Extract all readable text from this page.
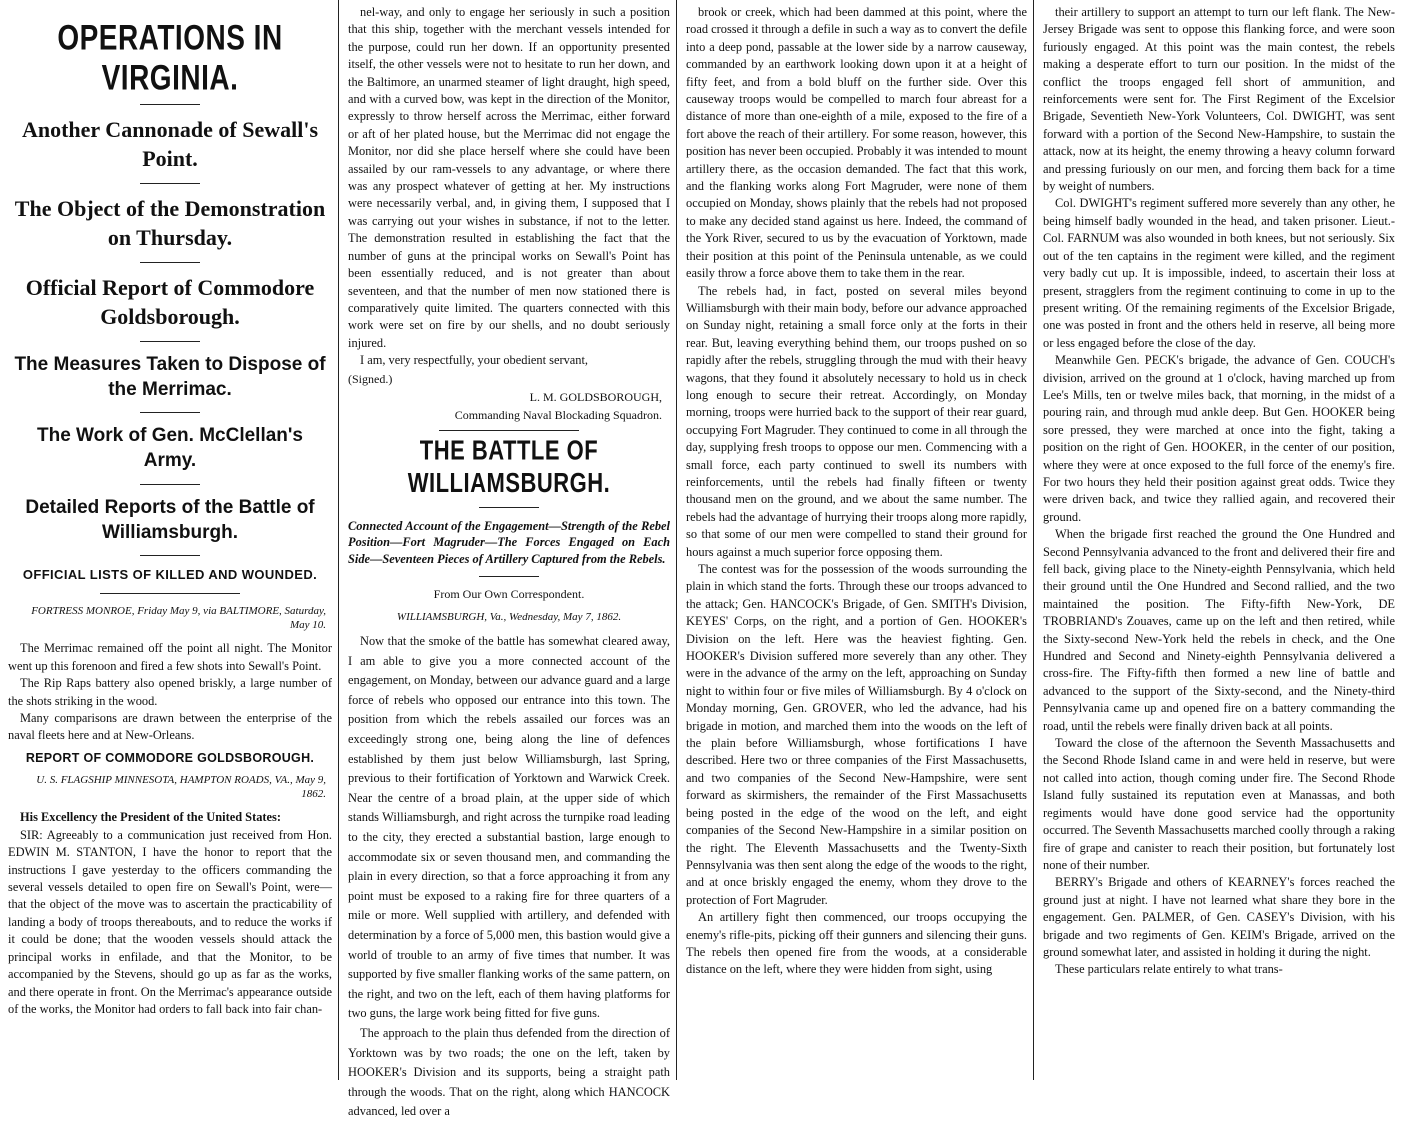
OPERATIONS IN VIRGINIA.
Another Cannonade of Sewall's Point.
The Object of the Demonstration on Thursday.
Official Report of Commodore Goldsborough.
The Measures Taken to Dispose of the Merrimac.
The Work of Gen. McClellan's Army.
Detailed Reports of the Battle of Williamsburgh.
OFFICIAL LISTS OF KILLED AND WOUNDED.
FORTRESS MONROE, Friday May 9, via BALTIMORE, Saturday, May 10.

The Merrimac remained off the point all night. The Monitor went up this forenoon and fired a few shots into Sewall's Point.

The Rip Raps battery also opened briskly, a large number of the shots striking in the wood.

Many comparisons are drawn between the enterprise of the naval fleets here and at New-Orleans.

REPORT OF COMMODORE GOLDSBOROUGH.
U. S. FLAGSHIP MINNESOTA, HAMPTON ROADS, VA., May 9, 1862.

His Excellency the President of the United States:

SIR: Agreeably to a communication just received from Hon. EDWIN M. STANTON, I have the honor to report that the instructions I gave yesterday to the officers commanding the several vessels detailed to open fire on Sewall's Point, were—that the object of the move was to ascertain the practicability of landing a body of troops thereabouts, and to reduce the works if it could be done; that the wooden vessels should attack the principal works in enfilade, and that the Monitor, to be accompanied by the Stevens, should go up as far as the works, and there operate in front. On the Merrimac's appearance outside of the works, the Monitor had orders to fall back into fair chan-

nel-way, and only to engage her seriously in such a position that this ship, together with the merchant vessels intended for the purpose, could run her down. If an opportunity presented itself, the other vessels were not to hesitate to run her down, and the Baltimore, an unarmed steamer of light draught, high speed, and with a curved bow, was kept in the direction of the Monitor, expressly to throw herself across the Merrimac, either forward or aft of her plated house, but the Merrimac did not engage the Monitor, nor did she place herself where she could have been assailed by our ram-vessels to any advantage, or where there was any prospect whatever of getting at her. My instructions were necessarily verbal, and, in giving them, I supposed that I was carrying out your wishes in substance, if not to the letter. The demonstration resulted in establishing the fact that the number of guns at the principal works on Sewall's Point has been essentially reduced, and is not greater than about seventeen, and that the number of men now stationed there is comparatively quite limited. The quarters connected with this work were set on fire by our shells, and no doubt seriously injured.

I am, very respectfully, your obedient servant,

(Signed.)
L. M. GOLDSBOROUGH,
Commanding Naval Blockading Squadron.
THE BATTLE OF WILLIAMSBURGH.
Connected Account of the Engagement—Strength of the Rebel Position—Fort Magruder—The Forces Engaged on Each Side—Seventeen Pieces of Artillery Captured from the Rebels.
From Our Own Correspondent.
WILLIAMSBURGH, Va., Wednesday, May 7, 1862.

Now that the smoke of the battle has somewhat cleared away, I am able to give you a more connected account of the engagement, on Monday, between our advance guard and a large force of rebels who opposed our entrance into this town. The position from which the rebels assailed our forces was an exceedingly strong one, being along the line of defences established by them just below Williamsburgh, last Spring, previous to their fortification of Yorktown and Warwick Creek. Near the centre of a broad plain, at the upper side of which stands Williamsburgh, and right across the turnpike road leading to the city, they erected a substantial bastion, large enough to accommodate six or seven thousand men, and commanding the plain in every direction, so that a force approaching it from any point must be exposed to a raking fire for three quarters of a mile or more. Well supplied with artillery, and defended with determination by a force of 5,000 men, this bastion would give a world of trouble to an army of five times that number. It was supported by five smaller flanking works of the same pattern, on the right, and two on the left, each of them having platforms for two guns, the large work being fitted for five guns.

The approach to the plain thus defended from the direction of Yorktown was by two roads; the one on the left, taken by HOOKER's Division and its supports, being a straight path through the woods. That on the right, along which HANCOCK advanced, led over a

brook or creek, which had been dammed at this point, where the road crossed it through a defile in such a way as to convert the defile into a deep pond, passable at the lower side by a narrow causeway, commanded by an earthwork looking down upon it at a height of fifty feet, and from a bold bluff on the further side. Over this causeway troops would be compelled to march four abreast for a distance of more than one-eighth of a mile, exposed to the fire of a fort above the reach of their artillery. For some reason, however, this position has never been occupied. Probably it was intended to mount artillery there, as the occasion demanded. The fact that this work, and the flanking works along Fort Magruder, were none of them occupied on Monday, shows plainly that the rebels had not proposed to make any decided stand against us here. Indeed, the command of the York River, secured to us by the evacuation of Yorktown, made their position at this point of the Peninsula untenable, as we could easily throw a force above them to take them in the rear.

The rebels had, in fact, posted on several miles beyond Williamsburgh with their main body, before our advance approached on Sunday night, retaining a small force only at the forts in their rear. But, leaving everything behind them, our troops pushed on so rapidly after the rebels, struggling through the mud with their heavy wagons, that they found it absolutely necessary to hold us in check long enough to secure their retreat. Accordingly, on Monday morning, troops were hurried back to the support of their rear guard, occupying Fort Magruder. They continued to come in all through the day, supplying fresh troops to oppose our men. Commencing with a small force, each party continued to swell its numbers with reinforcements, until the rebels had finally fifteen or twenty thousand men on the ground, and we about the same number. The rebels had the advantage of hurrying their troops along more rapidly, so that some of our men were compelled to stand their ground for hours against a much superior force opposing them.

The contest was for the possession of the woods surrounding the plain in which stand the forts. Through these our troops advanced to the attack; Gen. HANCOCK's Brigade, of Gen. SMITH's Division, KEYES' Corps, on the right, and a portion of Gen. HOOKER's Division on the left. Here was the heaviest fighting. Gen. HOOKER's Division suffered more severely than any other. They were in the advance of the army on the left, approaching on Sunday night to within four or five miles of Williamsburgh. By 4 o'clock on Monday morning, Gen. GROVER, who led the advance, had his brigade in motion, and marched them into the woods on the left of the plain before Williamsburgh, whose fortifications I have described. Here two or three companies of the First Massachusetts, and two companies of the Second New-Hampshire, were sent forward as skirmishers, the remainder of the First Massachusetts being posted in the edge of the wood on the left, and eight companies of the Second New-Hampshire in a similar position on the right. The Eleventh Massachusetts and the Twenty-Sixth Pennsylvania was then sent along the edge of the woods to the right, and at once briskly engaged the enemy, whom they drove to the protection of Fort Magruder.

An artillery fight then commenced, our troops occupying the enemy's rifle-pits, picking off their gunners and silencing their guns. The rebels then opened fire from the woods, at a considerable distance on the left, where they were hidden from sight, using

their artillery to support an attempt to turn our left flank. The New-Jersey Brigade was sent to oppose this flanking force, and were soon furiously engaged. At this point was the main contest, the rebels making a desperate effort to turn our position. In the midst of the conflict the troops engaged fell short of ammunition, and reinforcements were sent for. The First Regiment of the Excelsior Brigade, Seventieth New-York Volunteers, Col. DWIGHT, was sent forward with a portion of the Second New-Hampshire, to sustain the attack, now at its height, the enemy throwing a heavy column forward and pressing furiously on our men, and forcing them back for a time by weight of numbers.

Col. DWIGHT's regiment suffered more severely than any other, he being himself badly wounded in the head, and taken prisoner. Lieut.-Col. FARNUM was also wounded in both knees, but not seriously. Six out of the ten captains in the regiment were killed, and the regiment very badly cut up. It is impossible, indeed, to ascertain their loss at present, stragglers from the regiment continuing to come in up to the present writing. Of the remaining regiments of the Excelsior Brigade, one was posted in front and the others held in reserve, all being more or less engaged before the close of the day.

Meanwhile Gen. PECK's brigade, the advance of Gen. COUCH's division, arrived on the ground at 1 o'clock, having marched up from Lee's Mills, ten or twelve miles back, that morning, in the midst of a pouring rain, and through mud ankle deep. But Gen. HOOKER being sore pressed, they were marched at once into the fight, taking a position on the right of Gen. HOOKER, in the center of our position, where they were at once exposed to the full force of the enemy's fire. For two hours they held their position against great odds. Twice they were driven back, and twice they rallied again, and recovered their ground.

When the brigade first reached the ground the One Hundred and Second Pennsylvania advanced to the front and delivered their fire and fell back, giving place to the Ninety-eighth Pennsylvania, which held their ground until the One Hundred and Second rallied, and the two maintained the position. The Fifty-fifth New-York, DE TROBRIAND's Zouaves, came up on the left and then retired, while the Sixty-second New-York held the rebels in check, and the One Hundred and Second and Ninety-eighth Pennsylvania delivered a cross-fire. The Fifty-fifth then formed a new line of battle and advanced to the support of the Sixty-second, and the Ninety-third Pennsylvania came up and opened fire on a battery commanding the road, until the rebels were finally driven back at all points.

Toward the close of the afternoon the Seventh Massachusetts and the Second Rhode Island came in and were held in reserve, but were not called into action, though coming under fire. The Second Rhode Island fully sustained its reputation even at Manassas, and both regiments would have done good service had the opportunity occurred. The Seventh Massachusetts marched coolly through a raking fire of grape and canister to reach their position, but fortunately lost none of their number.

BERRY's Brigade and others of KEARNEY's forces reached the ground just at night. I have not learned what share they bore in the engagement. Gen. PALMER, of Gen. CASEY's Division, with his brigade and two regiments of Gen. KEIM's Brigade, arrived on the ground somewhat later, and assisted in holding it during the night.

These particulars relate entirely to what trans-
